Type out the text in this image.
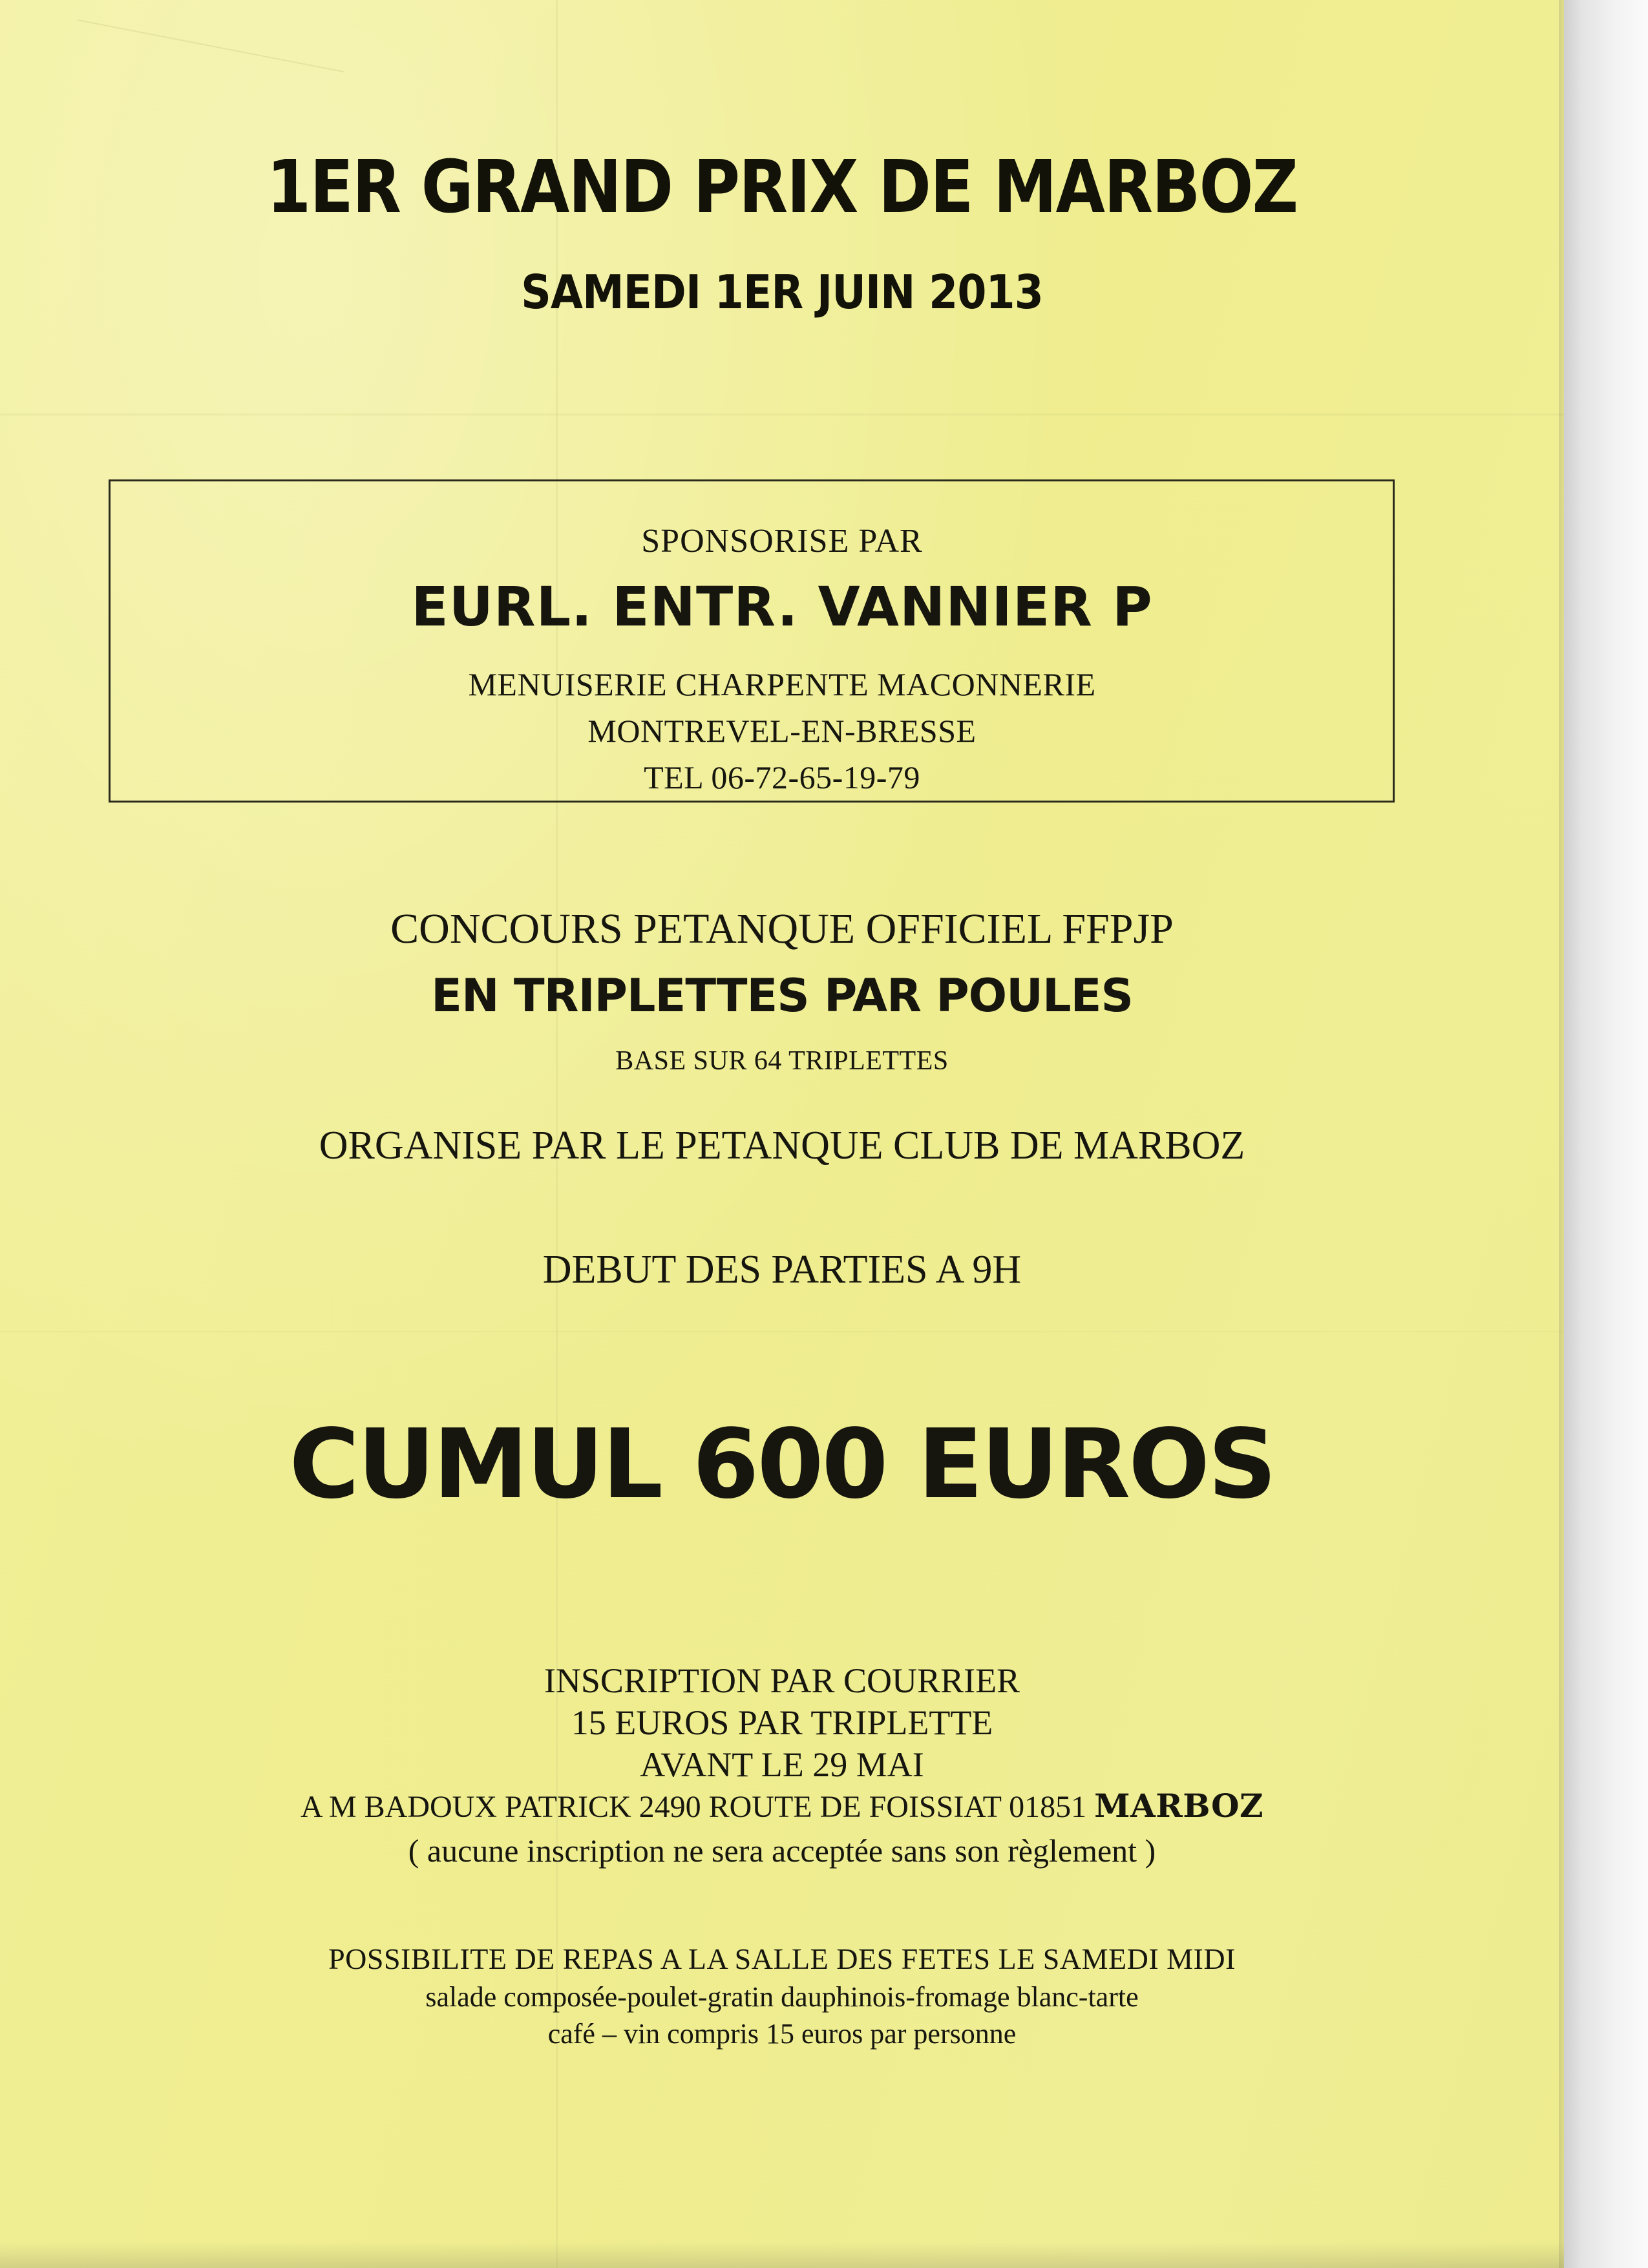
1ER GRAND PRIX DE MARBOZ
SAMEDI 1ER JUIN 2013
SPONSORISE PAR
EURL. ENTR. VANNIER P
MENUISERIE CHARPENTE MACONNERIE
MONTREVEL-EN-BRESSE
TEL 06-72-65-19-79
CONCOURS PETANQUE OFFICIEL FFPJP
EN TRIPLETTES PAR POULES
BASE SUR 64 TRIPLETTES
ORGANISE PAR LE PETANQUE CLUB DE MARBOZ
DEBUT DES PARTIES A 9H
CUMUL 600 EUROS
INSCRIPTION PAR COURRIER
15 EUROS PAR TRIPLETTE
AVANT LE 29 MAI
A M BADOUX PATRICK 2490 ROUTE DE FOISSIAT 01851 MARBOZ
( aucune inscription ne sera acceptée sans son règlement )
POSSIBILITE DE REPAS A LA SALLE DES FETES LE SAMEDI MIDI
salade composée-poulet-gratin dauphinois-fromage blanc-tarte
café – vin compris 15 euros par personne
